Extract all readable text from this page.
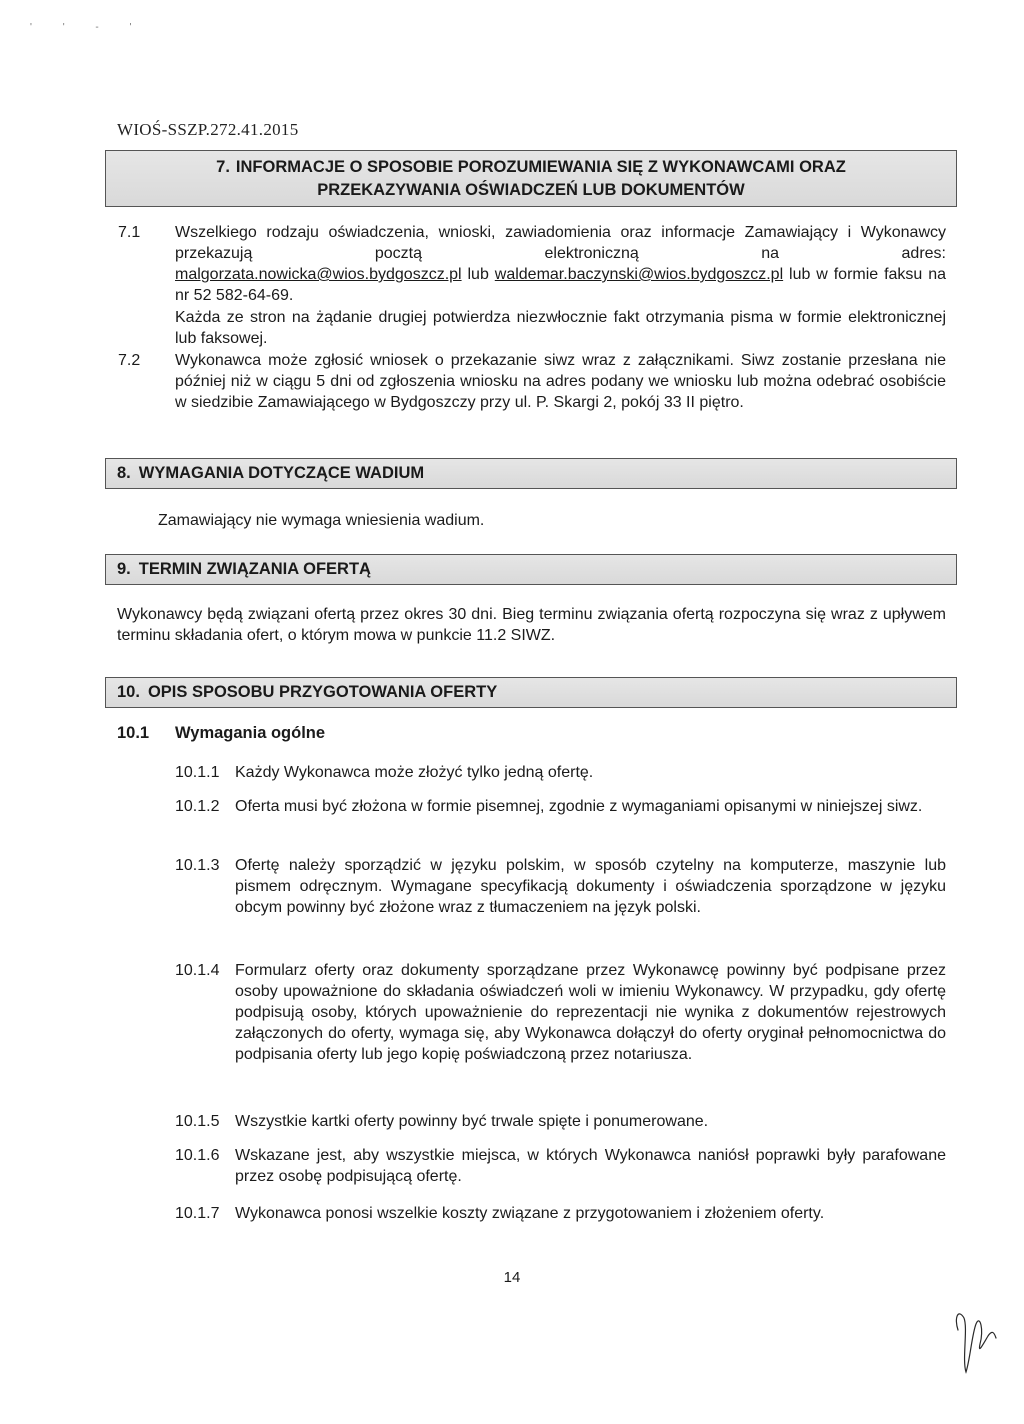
' ' - '
WIOŚ-SSZP.272.41.2015
7. INFORMACJE O SPOSOBIE POROZUMIEWANIA SIĘ Z WYKONAWCAMI ORAZ
PRZEKAZYWANIA OŚWIADCZEŃ LUB DOKUMENTÓW
7.1 Wszelkiego rodzaju oświadczenia, wnioski, zawiadomienia oraz informacje Zamawiający i Wykonawcy przekazują pocztą elektroniczną na adres:
malgorzata.nowicka@wios.bydgoszcz.pl lub waldemar.baczynski@wios.bydgoszcz.pl lub w formie faksu na nr 52 582-64-69.
Każda ze stron na żądanie drugiej potwierdza niezwłocznie fakt otrzymania pisma w formie elektronicznej lub faksowej.
7.2 Wykonawca może zgłosić wniosek o przekazanie siwz wraz z załącznikami. Siwz zostanie przesłana nie później niż w ciągu 5 dni od zgłoszenia wniosku na adres podany we wniosku lub można odebrać osobiście w siedzibie Zamawiającego w Bydgoszczy przy ul. P. Skargi 2, pokój 33 II piętro.
8. WYMAGANIA DOTYCZĄCE WADIUM
Zamawiający nie wymaga wniesienia wadium.
9. TERMIN ZWIĄZANIA OFERTĄ
Wykonawcy będą związani ofertą przez okres 30 dni. Bieg terminu związania ofertą rozpoczyna się wraz z upływem terminu składania ofert, o którym mowa w punkcie 11.2 SIWZ.
10. OPIS SPOSOBU PRZYGOTOWANIA OFERTY
10.1 Wymagania ogólne
10.1.1 Każdy Wykonawca może złożyć tylko jedną ofertę.
10.1.2 Oferta musi być złożona w formie pisemnej, zgodnie z wymaganiami opisanymi w niniejszej siwz.
10.1.3 Ofertę należy sporządzić w języku polskim, w sposób czytelny na komputerze, maszynie lub pismem odręcznym. Wymagane specyfikacją dokumenty i oświadczenia sporządzone w języku obcym powinny być złożone wraz z tłumaczeniem na język polski.
10.1.4 Formularz oferty oraz dokumenty sporządzane przez Wykonawcę powinny być podpisane przez osoby upoważnione do składania oświadczeń woli w imieniu Wykonawcy. W przypadku, gdy ofertę podpisują osoby, których upoważnienie do reprezentacji nie wynika z dokumentów rejestrowych załączonych do oferty, wymaga się, aby Wykonawca dołączył do oferty oryginał pełnomocnictwa do podpisania oferty lub jego kopię poświadczoną przez notariusza.
10.1.5 Wszystkie kartki oferty powinny być trwale spięte i ponumerowane.
10.1.6 Wskazane jest, aby wszystkie miejsca, w których Wykonawca naniósł poprawki były parafowane przez osobę podpisującą ofertę.
10.1.7 Wykonawca ponosi wszelkie koszty związane z przygotowaniem i złożeniem oferty.
14
